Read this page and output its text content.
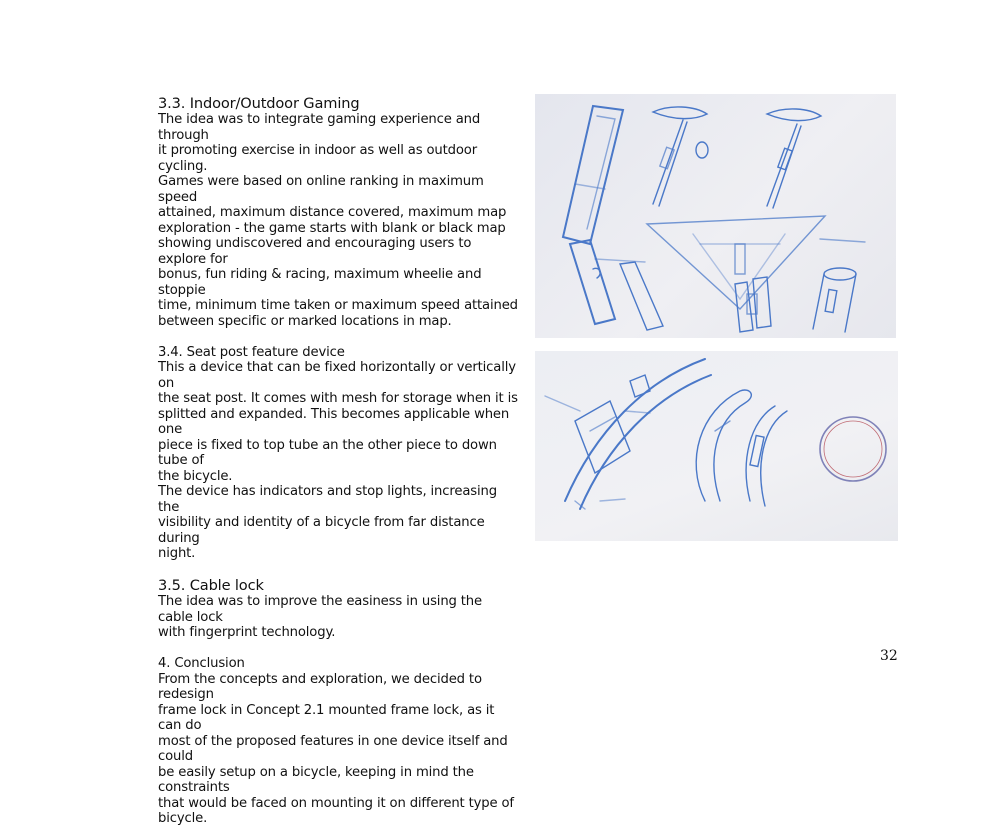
3.3. Indoor/Outdoor Gaming

The idea was to integrate gaming experience and through

it promoting exercise in indoor as well as outdoor cycling.

Games were based on online ranking in maximum speed

attained, maximum distance covered, maximum map

exploration - the game starts with blank or black map

showing undiscovered and encouraging users to explore for

bonus, fun riding & racing, maximum wheelie and stoppie

time, minimum time taken or maximum speed attained

between specific or marked locations in map.

3.4. Seat post feature device

This a device that can be fixed horizontally or vertically on

the seat post. It comes with mesh for storage when it is

splitted and expanded. This becomes applicable when one

piece is fixed to top tube an the other piece to down tube of

the bicycle.

The device has indicators and stop lights, increasing the

visibility and identity of a bicycle from far distance during

night.

3.5. Cable lock

The idea was to improve the easiness in using the cable lock

with fingerprint technology.

4. Conclusion

From the concepts and exploration, we decided to redesign

frame lock in Concept 2.1 mounted frame lock, as it can do

most of the proposed features in one device itself and could

be easily setup on a bicycle, keeping in mind the constraints

that would be faced on mounting it on different type of

bicycle.

32
